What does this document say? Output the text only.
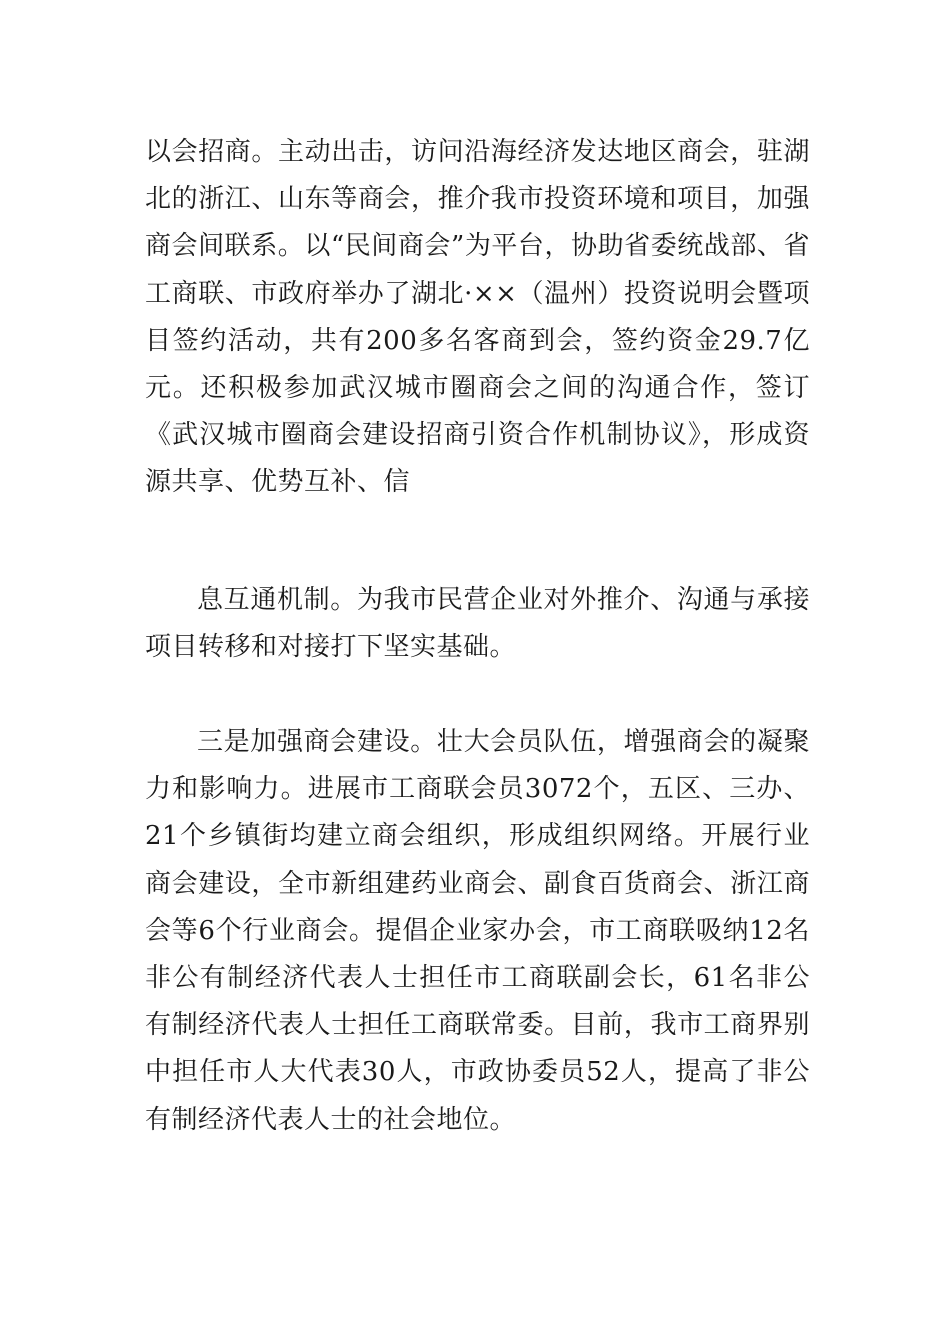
以会招商。主动出击，访问沿海经济发达地区商会，驻湖北的浙江、山东等商会，推介我市投资环境和项目，加强商会间联系。以“民间商会”为平台，协助省委统战部、省工商联、市政府举办了湖北·××（温州）投资说明会暨项目签约活动，共有200多名客商到会，签约资金29.7亿元。还积极参加武汉城市圈商会之间的沟通合作，签订《武汉城市圈商会建设招商引资合作机制协议》，形成资源共享、优势互补、信

息互通机制。为我市民营企业对外推介、沟通与承接项目转移和对接打下坚实基础。

三是加强商会建设。壮大会员队伍，增强商会的凝聚力和影响力。进展市工商联会员3072个，五区、三办、21个乡镇街均建立商会组织，形成组织网络。开展行业商会建设，全市新组建药业商会、副食百货商会、浙江商会等6个行业商会。提倡企业家办会，市工商联吸纳12名非公有制经济代表人士担任市工商联副会长，61名非公有制经济代表人士担任工商联常委。目前，我市工商界别中担任市人大代表30人，市政协委员52人，提高了非公有制经济代表人士的社会地位。
